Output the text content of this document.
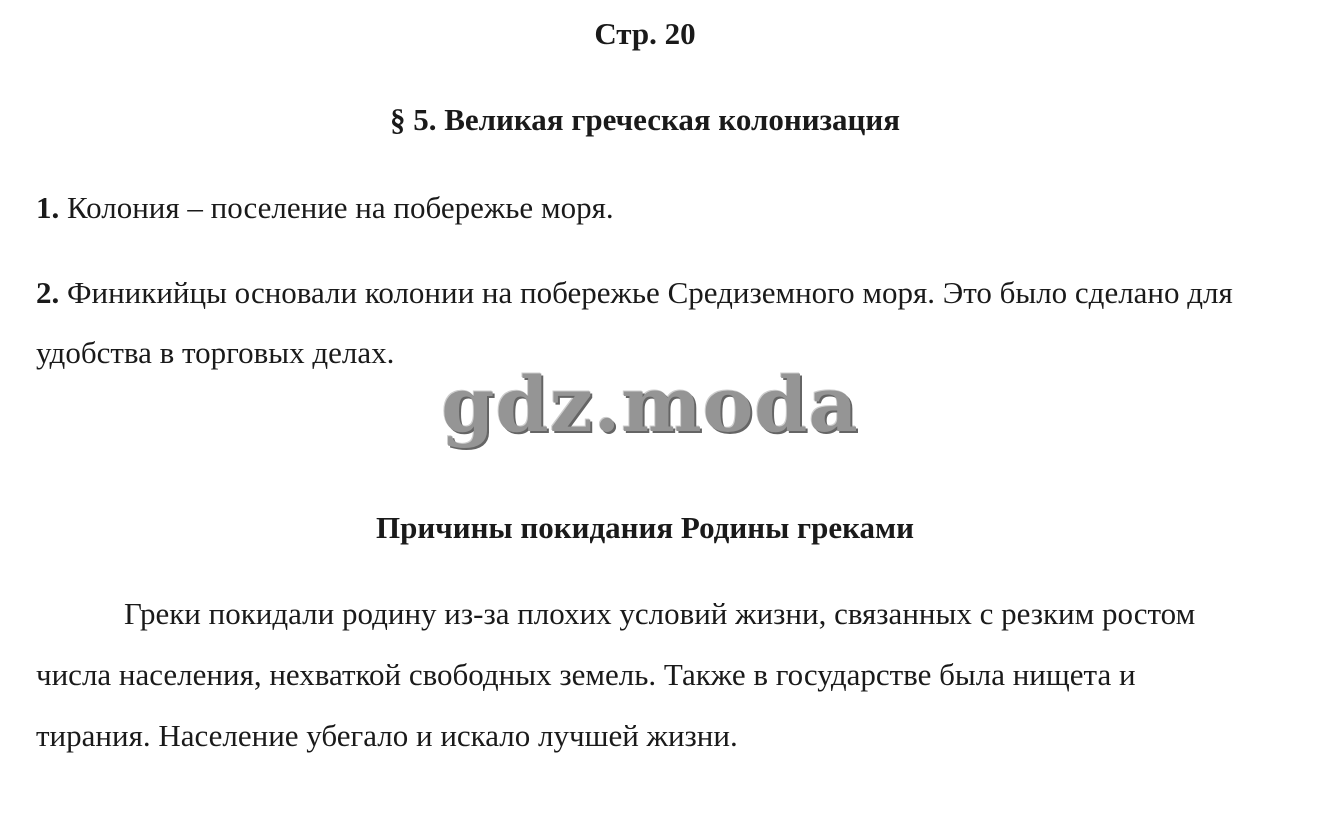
Стр. 20
§ 5. Великая греческая колонизация
1. Колония – поселение на побережье моря.
2. Финикийцы основали колонии на побережье Средиземного моря. Это было сделано для удобства в торговых делах.
gdz.moda
Причины покидания Родины греками
Греки покидали родину из-за плохих условий жизни, связанных с резким ростом числа населения, нехваткой свободных земель. Также в государстве была нищета и тирания. Население убегало и искало лучшей жизни.
